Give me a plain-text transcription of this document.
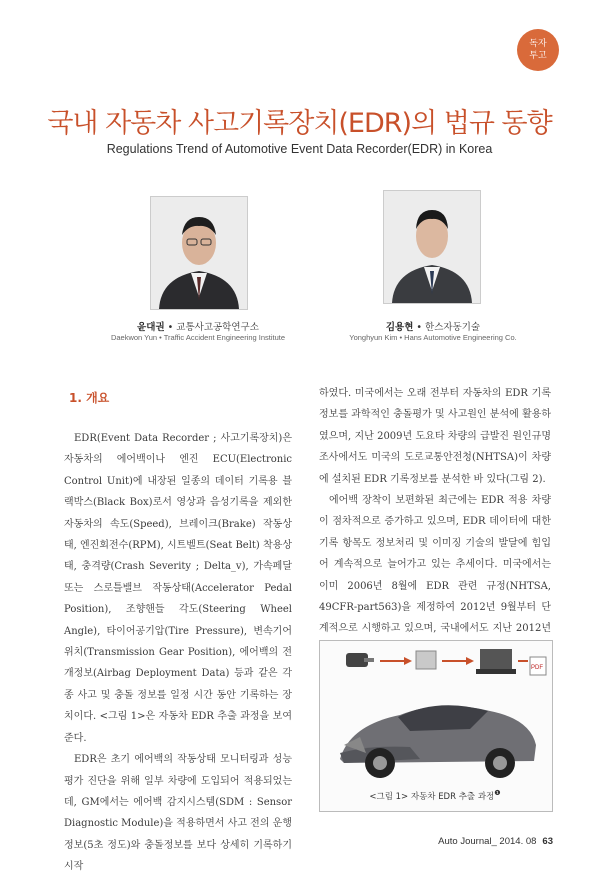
독자
투고
국내 자동차 사고기록장치(EDR)의 법규 동향
Regulations Trend of Automotive Event Data Recorder(EDR) in Korea
윤대권 • 교통사고공학연구소
Daekwon Yun • Traffic Accident Engineering Institute
김용현 • 한스자동기술
Yonghyun Kim • Hans Automotive Engineering Co.
1. 개요

EDR(Event Data Recorder ; 사고기록장치)은 자동차의 에어백이나 엔진 ECU(Electronic Control Unit)에 내장된 일종의 데이터 기록용 블랙박스(Black Box)로서 영상과 음성기록을 제외한 자동차의 속도(Speed), 브레이크(Brake) 작동상태, 엔진회전수(RPM), 시트벨트(Seat Belt) 착용상태, 충격량(Crash Severity ; Delta_v), 가속페달 또는 스로틀밸브 작동상태(Accelerator Pedal Position), 조향핸들 각도(Steering Wheel Angle), 타이어공기압(Tire Pressure), 변속기어 위치(Transmission Gear Position), 에어백의 전개정보(Airbag Deployment Data) 등과 같은 각종 사고 및 충돌 정보를 일정 시간 동안 기록하는 장치이다. <그림 1>은 자동차 EDR 추출 과정을 보여준다.

EDR은 초기 에어백의 작동상태 모니터링과 성능평가 진단을 위해 일부 차량에 도입되어 적용되었는데, GM에서는 에어백 감지시스템(SDM : Sensor Diagnostic Module)을 적용하면서 사고 전의 운행정보(5초 정도)와 충돌정보를 보다 상세히 기록하기 시작

하였다. 미국에서는 오래 전부터 자동차의 EDR 기록정보를 과학적인 충돌평가 및 사고원인 분석에 활용하였으며, 지난 2009년 도요타 차량의 급발진 원인규명 조사에서도 미국의 도로교통안전청(NHTSA)이 차량에 설치된 EDR 기록정보를 분석한 바 있다(그림 2).

에어백 장착이 보편화된 최근에는 EDR 적용 차량이 점차적으로 증가하고 있으며, EDR 데이터에 대한 기록 항목도 정보처리 및 이미징 기술의 발달에 힘입어 계속적으로 늘어가고 있는 추세이다. 미국에서는 이미 2006년 8월에 EDR 관련 규정(NHTSA, 49CFR-part563)을 제정하여 2012년 9월부터 단계적으로 시행하고 있으며, 국내에서도 지난 2012년

PDF
<그림 1> 자동차 EDR 추출 과정$^❶$
Auto Journal_ 2014. 08 63
